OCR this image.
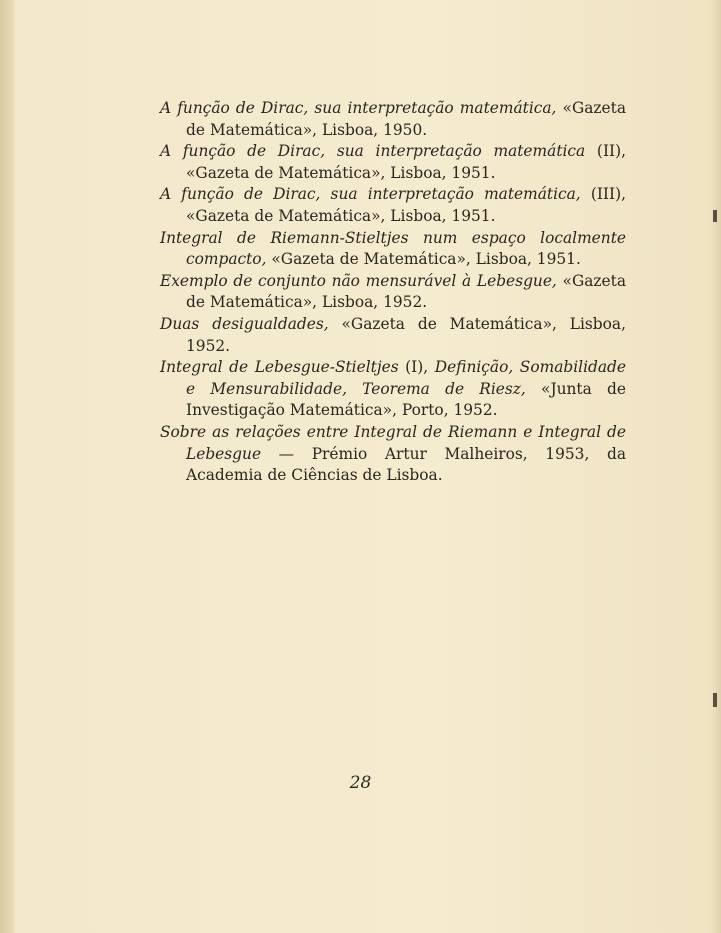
A função de Dirac, sua interpretação matemática, «Gazeta de Matemática», Lisboa, 1950.
A função de Dirac, sua interpretação matemática (II), «Gazeta de Matemática», Lisboa, 1951.
A função de Dirac, sua interpretação matemática, (III), «Gazeta de Matemática», Lisboa, 1951.
Integral de Riemann-Stieltjes num espaço localmente compacto, «Gazeta de Matemática», Lisboa, 1951.
Exemplo de conjunto não mensurável à Lebesgue, «Gazeta de Matemática», Lisboa, 1952.
Duas desigualdades, «Gazeta de Matemática», Lisboa, 1952.
Integral de Lebesgue-Stieltjes (I), Definição, Somabilidade e Mensurabilidade, Teorema de Riesz, «Junta de Investigação Matemática», Porto, 1952.
Sobre as relações entre Integral de Riemann e Integral de Lebesgue — Prémio Artur Malheiros, 1953, da Academia de Ciências de Lisboa.
28
